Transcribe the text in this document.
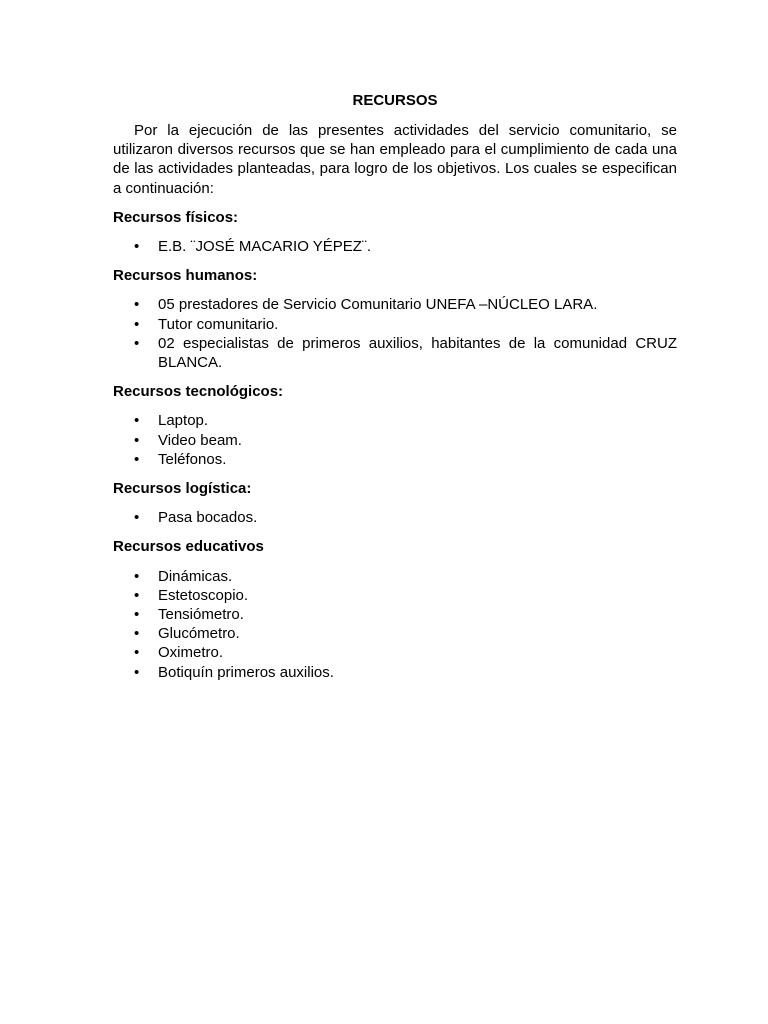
RECURSOS

Por la ejecución de las presentes actividades del servicio comunitario, se utilizaron diversos recursos que se han empleado para el cumplimiento de cada una de las actividades planteadas, para logro de los objetivos. Los cuales se especifican a continuación:

Recursos físicos:
• E.B. ¨JOSÉ MACARIO YÉPEZ¨.
Recursos humanos:
• 05 prestadores de Servicio Comunitario UNEFA –NÚCLEO LARA.
• Tutor comunitario.
• 02 especialistas de primeros auxilios, habitantes de la comunidad CRUZ BLANCA.
Recursos tecnológicos:
• Laptop.
• Video beam.
• Teléfonos.
Recursos logística:
• Pasa bocados.
Recursos educativos
• Dinámicas.
• Estetoscopio.
• Tensiómetro.
• Glucómetro.
• Oximetro.
• Botiquín primeros auxilios.
